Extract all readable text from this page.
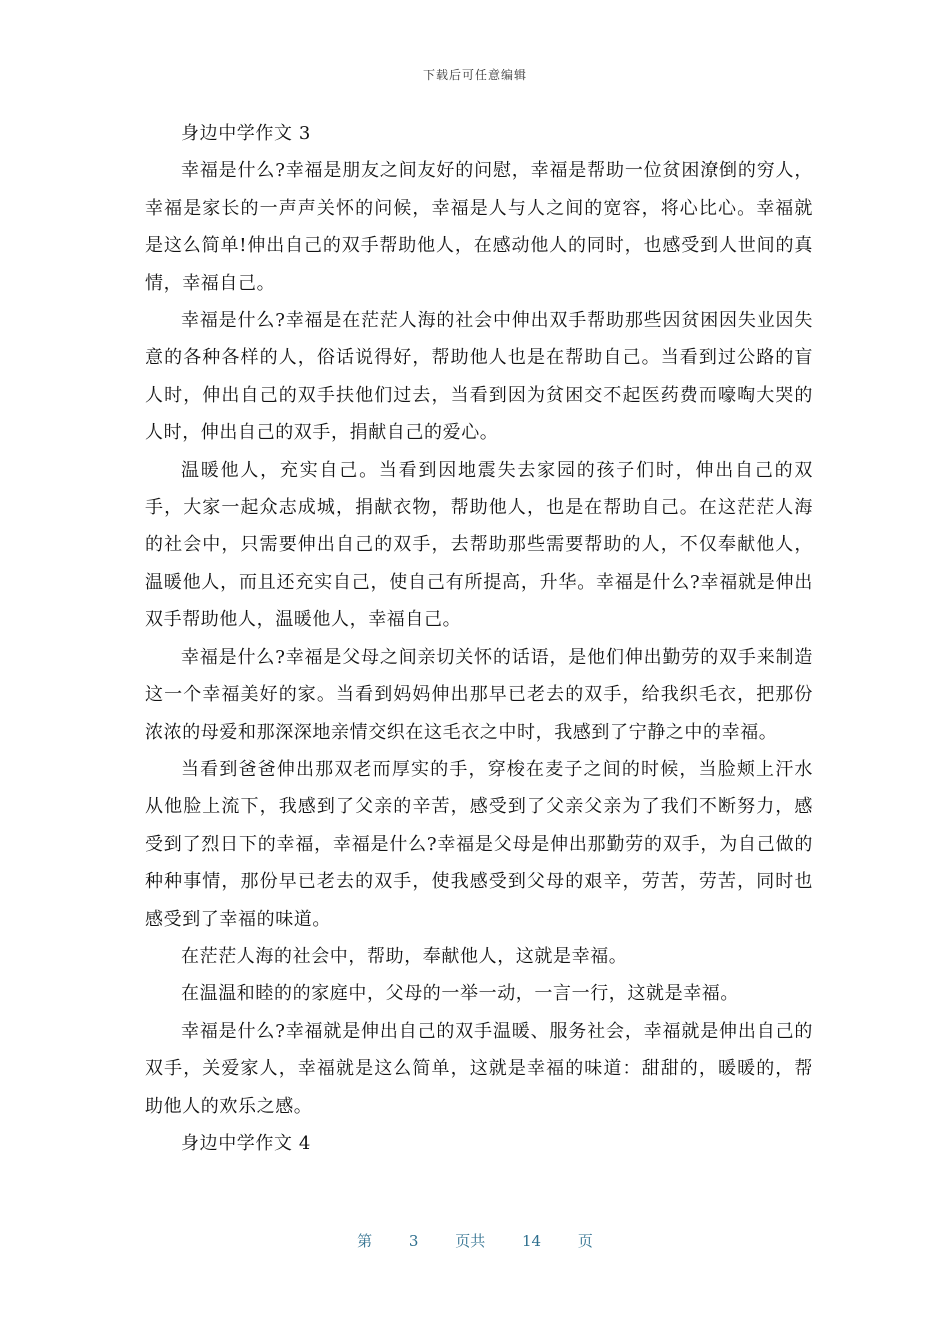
下载后可任意编辑

身边中学作文 3

幸福是什么?幸福是朋友之间友好的问慰，幸福是帮助一位贫困潦倒的穷人，幸福是家长的一声声关怀的问候，幸福是人与人之间的宽容，将心比心。幸福就是这么简单!伸出自己的双手帮助他人，在感动他人的同时，也感受到人世间的真情，幸福自己。

幸福是什么?幸福是在茫茫人海的社会中伸出双手帮助那些因贫困因失业因失意的各种各样的人，俗话说得好，帮助他人也是在帮助自己。当看到过公路的盲人时，伸出自己的双手扶他们过去，当看到因为贫困交不起医药费而嚎啕大哭的人时，伸出自己的双手，捐献自己的爱心。

温暖他人，充实自己。当看到因地震失去家园的孩子们时，伸出自己的双手，大家一起众志成城，捐献衣物，帮助他人，也是在帮助自己。在这茫茫人海的社会中，只需要伸出自己的双手，去帮助那些需要帮助的人，不仅奉献他人，温暖他人，而且还充实自己，使自己有所提高，升华。幸福是什么?幸福就是伸出双手帮助他人，温暖他人，幸福自己。

幸福是什么?幸福是父母之间亲切关怀的话语，是他们伸出勤劳的双手来制造这一个幸福美好的家。当看到妈妈伸出那早已老去的双手，给我织毛衣，把那份浓浓的母爱和那深深地亲情交织在这毛衣之中时，我感到了宁静之中的幸福。

当看到爸爸伸出那双老而厚实的手，穿梭在麦子之间的时候，当脸颊上汗水从他脸上流下，我感到了父亲的辛苦，感受到了父亲父亲为了我们不断努力，感受到了烈日下的幸福，幸福是什么?幸福是父母是伸出那勤劳的双手，为自己做的种种事情，那份早已老去的双手，使我感受到父母的艰辛，劳苦，劳苦，同时也感受到了幸福的味道。

在茫茫人海的社会中，帮助，奉献他人，这就是幸福。

在温温和睦的的家庭中，父母的一举一动，一言一行，这就是幸福。

幸福是什么?幸福就是伸出自己的双手温暖、服务社会，幸福就是伸出自己的双手，关爱家人，幸福就是这么简单，这就是幸福的味道：甜甜的，暖暖的，帮助他人的欢乐之感。

身边中学作文 4

第 3 页共 14 页
